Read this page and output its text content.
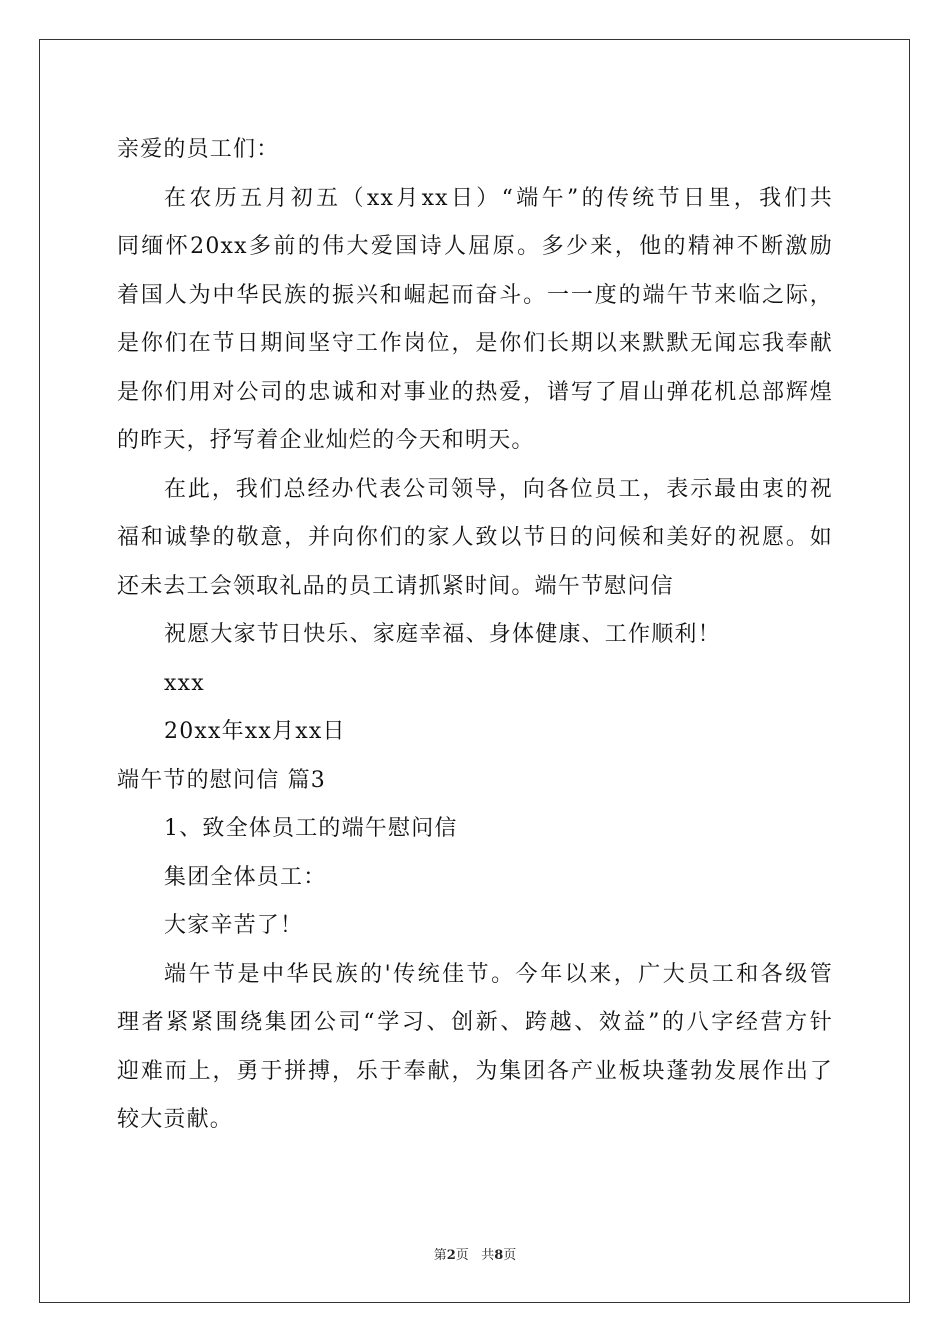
亲爱的员工们：
在农历五月初五（xx月xx日）“端午”的传统节日里，我们共
同缅怀20xx多前的伟大爱国诗人屈原。多少来，他的精神不断激励
着国人为中华民族的振兴和崛起而奋斗。一一度的端午节来临之际，
是你们在节日期间坚守工作岗位，是你们长期以来默默无闻忘我奉献
是你们用对公司的忠诚和对事业的热爱，谱写了眉山弹花机总部辉煌
的昨天，抒写着企业灿烂的今天和明天。
在此，我们总经办代表公司领导，向各位员工，表示最由衷的祝
福和诚挚的敬意，并向你们的家人致以节日的问候和美好的祝愿。如
还未去工会领取礼品的员工请抓紧时间。端午节慰问信
祝愿大家节日快乐、家庭幸福、身体健康、工作顺利！
xxx
20xx年xx月xx日
端午节的慰问信 篇3
1、致全体员工的端午慰问信
集团全体员工：
大家辛苦了！
端午节是中华民族的'传统佳节。今年以来，广大员工和各级管
理者紧紧围绕集团公司“学习、创新、跨越、效益”的八字经营方针
迎难而上，勇于拼搏，乐于奉献，为集团各产业板块蓬勃发展作出了
较大贡献。
第2页 共8页
